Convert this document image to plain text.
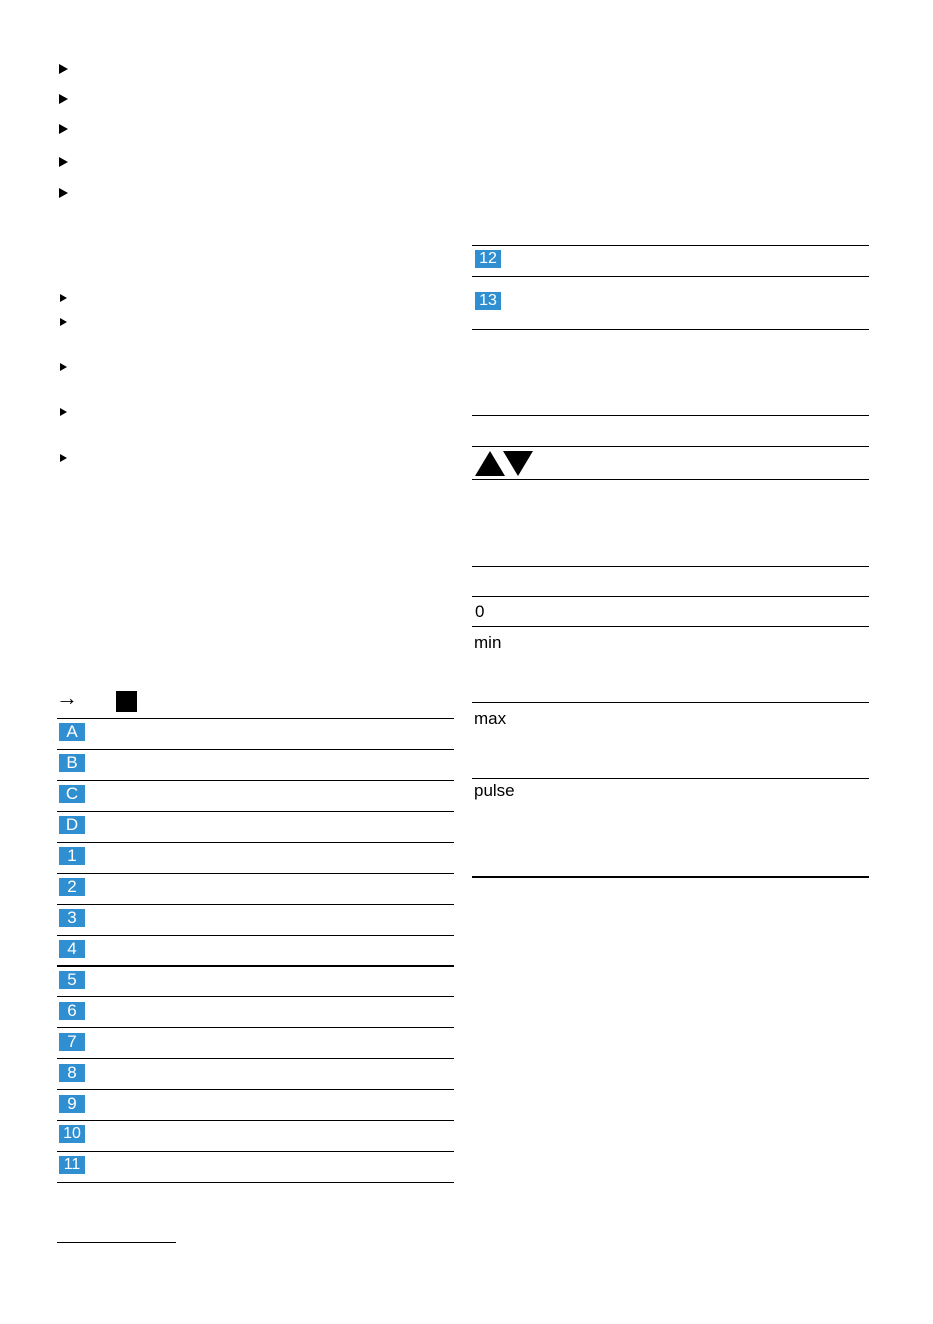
→
A
B
C
D
1
2
3
4
5
6
7
8
9
10
11
12
13
0
min
max
pulse
